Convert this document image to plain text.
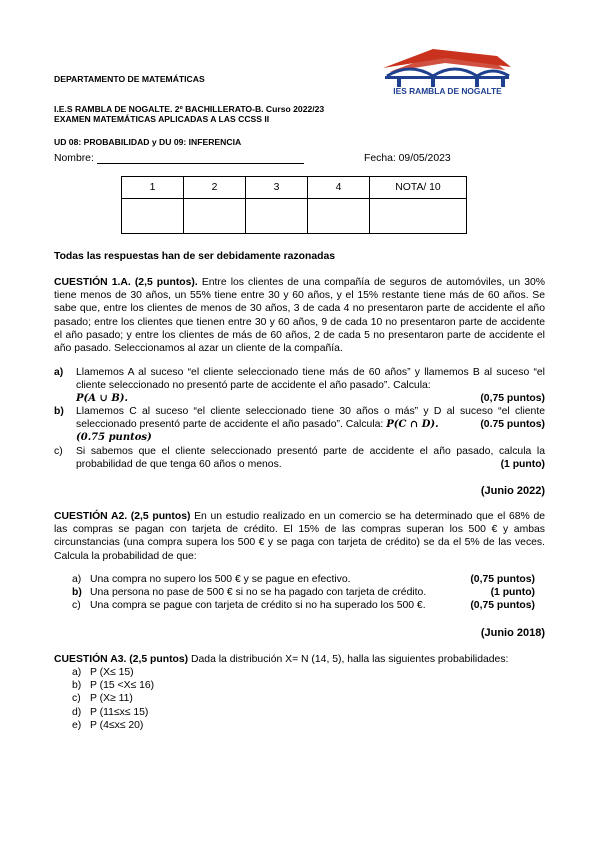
DEPARTAMENTO DE MATEMÁTICAS
I.E.S RAMBLA DE NOGALTE. 2º BACHILLERATO-B. Curso 2022/23
EXAMEN MATEMÁTICAS APLICADAS A LAS CCSS II
UD 08: PROBABILIDAD y DU 09: INFERENCIA
IES RAMBLA DE NOGALTE
Nombre:	Fecha: 09/05/2023
1	2	3	4	NOTA/ 10

Todas las respuestas han de ser debidamente razonadas
CUESTIÓN 1.A. (2,5 puntos). Entre los clientes de una compañía de seguros de automóviles, un 30% tiene menos de 30 años, un 55% tiene entre 30 y 60 años, y el 15% restante tiene más de 60 años. Se sabe que, entre los clientes de menos de 30 años, 3 de cada 4 no presentaron parte de accidente el año pasado; entre los clientes que tienen entre 30 y 60 años, 9 de cada 10 no presentaron parte de accidente el año pasado; y entre los clientes de más de 60 años, 2 de cada 5 no presentaron parte de accidente el año pasado. Seleccionamos al azar un cliente de la compañía.
a)	Llamemos A al suceso “el cliente seleccionado tiene más de 60 años” y llamemos B al suceso “el cliente seleccionado no presentó parte de accidente el año pasado”. Calcula:
P(A ∪ B).	(0,75 puntos)
b)	Llamemos C al suceso “el cliente seleccionado tiene 30 años o más” y D al suceso “el cliente seleccionado presentó parte de accidente el año pasado”. Calcula: P(C ∩ D).	(0.75 puntos)
(0.75 puntos)
c)	Si sabemos que el cliente seleccionado presentó parte de accidente el año pasado, calcula la probabilidad de que tenga 60 años o menos.	(1 punto)
(Junio 2022)
CUESTIÓN A2. (2,5 puntos) En un estudio realizado en un comercio se ha determinado que el 68% de las compras se pagan con tarjeta de crédito. El 15% de las compras superan los 500 € y ambas circunstancias (una compra supera los 500 € y se paga con tarjeta de crédito) se da el 5% de las veces. Calcula la probabilidad de que:
a) Una compra no supero los 500 € y se pague en efectivo.	(0,75 puntos)
b) Una persona no pase de 500 € si no se ha pagado con tarjeta de crédito.	(1 punto)
c) Una compra se pague con tarjeta de crédito si no ha superado los 500 €.	(0,75 puntos)
(Junio 2018)
CUESTIÓN A3. (2,5 puntos) Dada la distribución X= N (14, 5), halla las siguientes probabilidades:
a) P (X≤ 15)
b) P (15 <X≤ 16)
c) P (X≥ 11)
d) P (11≤x≤ 15)
e) P (4≤x≤ 20)
